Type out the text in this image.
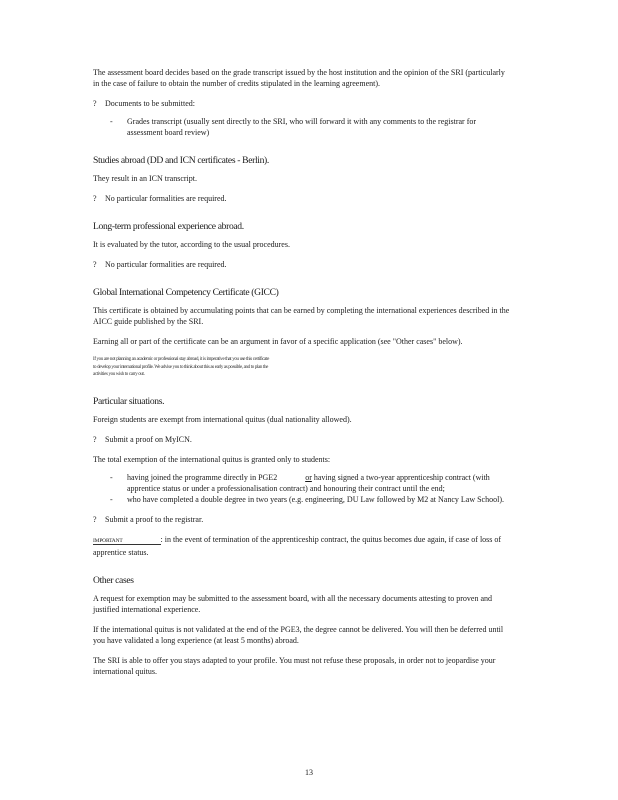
The assessment board decides based on the grade transcript issued by the host institution and the opinion of the SRI (particularly in the case of failure to obtain the number of credits stipulated in the learning agreement).

? Documents to be submitted:

- Grades transcript (usually sent directly to the SRI, who will forward it with any comments to the registrar for assessment board review)
Studies abroad (DD and ICN certificates - Berlin).

They result in an ICN transcript.

? No particular formalities are required.

Long-term professional experience abroad.

It is evaluated by the tutor, according to the usual procedures.

? No particular formalities are required.

Global International Competency Certificate (GICC)

This certificate is obtained by accumulating points that can be earned by completing the international experiences described in the AICC guide published by the SRI.

Earning all or part of the certificate can be an argument in favor of a specific application (see "Other cases" below).

If you are not planning an academic or professional stay abroad, it is imperative that you use this certificate
to develop your international profile. We advise you to think about this as early as possible, and to plan the
activities you wish to carry out.
Particular situations.

Foreign students are exempt from international quitus (dual nationality allowed).

? Submit a proof on MyICN.

The total exemption of the international quitus is granted only to students:

- having joined the programme directly in PGE2	or having signed a two-year apprenticeship contract (with apprentice status or under a professionalisation contract) and honouring their contract until the end;
- who have completed a double degree in two years (e.g. engineering, DU Law followed by M2 at Nancy Law School).

? Submit a proof to the registrar.

IMPORTANT	: in the event of termination of the apprenticeship contract, the quitus becomes due again, if case of loss of apprentice status.

Other cases

A request for exemption may be submitted to the assessment board, with all the necessary documents attesting to proven and justified international experience.

If the international quitus is not validated at the end of the PGE3, the degree cannot be delivered. You will then be deferred until you have validated a long experience (at least 5 months) abroad.

The SRI is able to offer you stays adapted to your profile. You must not refuse these proposals, in order not to jeopardise your international quitus.

13
